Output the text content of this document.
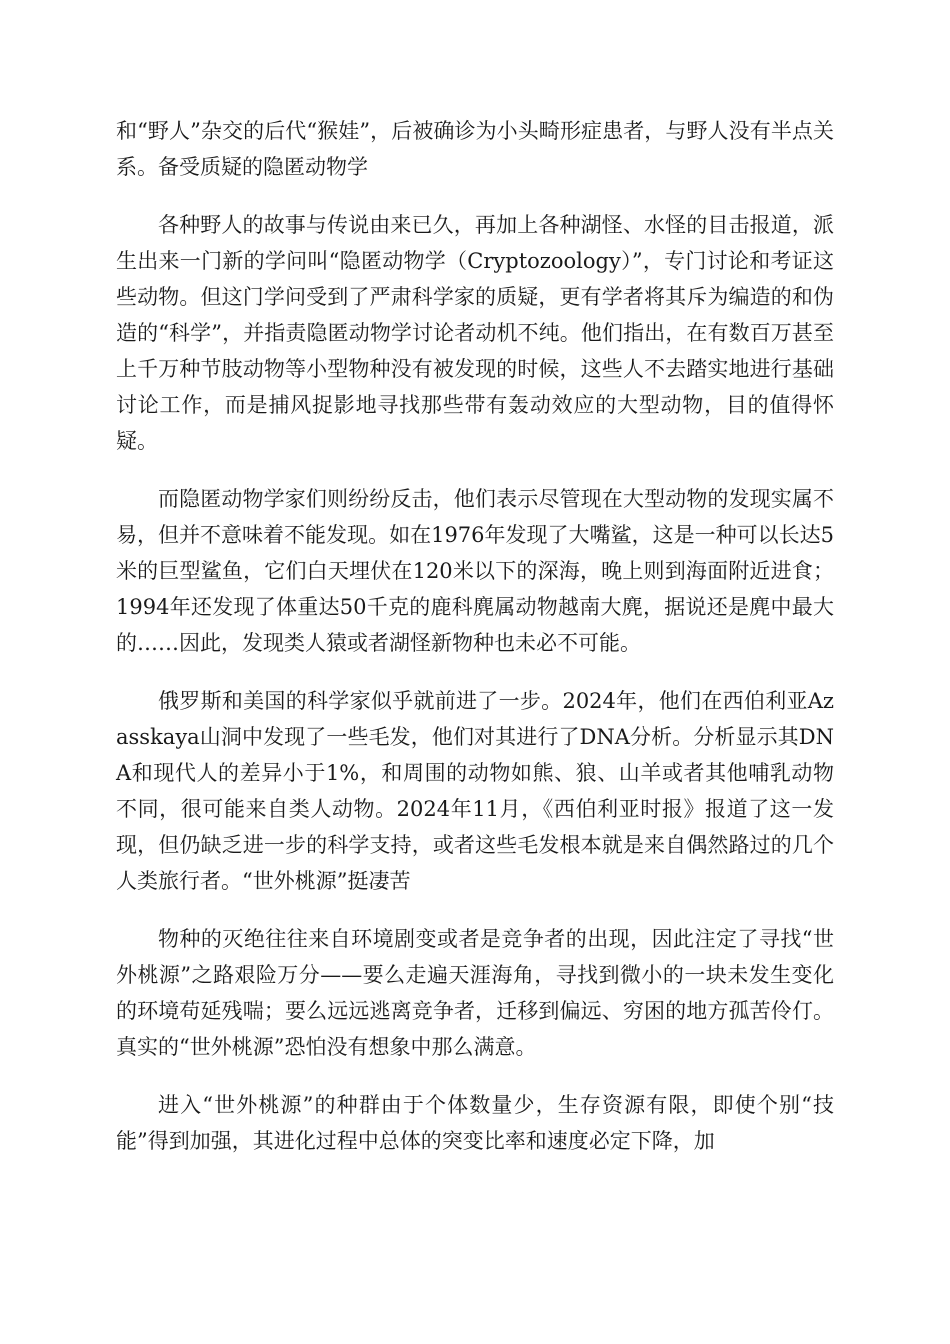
和“野人”杂交的后代“猴娃”，后被确诊为小头畸形症患者，与野人没有半点关系。备受质疑的隐匿动物学

各种野人的故事与传说由来已久，再加上各种湖怪、水怪的目击报道，派生出来一门新的学问叫“隐匿动物学（Cryptozoology）”，专门讨论和考证这些动物。但这门学问受到了严肃科学家的质疑，更有学者将其斥为编造的和伪造的“科学”，并指责隐匿动物学讨论者动机不纯。他们指出，在有数百万甚至上千万种节肢动物等小型物种没有被发现的时候，这些人不去踏实地进行基础讨论工作，而是捕风捉影地寻找那些带有轰动效应的大型动物，目的值得怀疑。

而隐匿动物学家们则纷纷反击，他们表示尽管现在大型动物的发现实属不易，但并不意味着不能发现。如在1976年发现了大嘴鲨，这是一种可以长达5米的巨型鲨鱼，它们白天埋伏在120米以下的深海，晚上则到海面附近进食；1994年还发现了体重达50千克的鹿科麂属动物越南大麂，据说还是麂中最大的……因此，发现类人猿或者湖怪新物种也未必不可能。

俄罗斯和美国的科学家似乎就前进了一步。2024年，他们在西伯利亚Azasskaya山洞中发现了一些毛发，他们对其进行了DNA分析。分析显示其DNA和现代人的差异小于1%，和周围的动物如熊、狼、山羊或者其他哺乳动物不同，很可能来自类人动物。2024年11月，《西伯利亚时报》报道了这一发现，但仍缺乏进一步的科学支持，或者这些毛发根本就是来自偶然路过的几个人类旅行者。“世外桃源”挺凄苦

物种的灭绝往往来自环境剧变或者是竞争者的出现，因此注定了寻找“世外桃源”之路艰险万分——要么走遍天涯海角，寻找到微小的一块未发生变化的环境苟延残喘；要么远远逃离竞争者，迁移到偏远、穷困的地方孤苦伶仃。真实的“世外桃源”恐怕没有想象中那么满意。

进入“世外桃源”的种群由于个体数量少，生存资源有限，即使个别“技能”得到加强，其进化过程中总体的突变比率和速度必定下降，加
